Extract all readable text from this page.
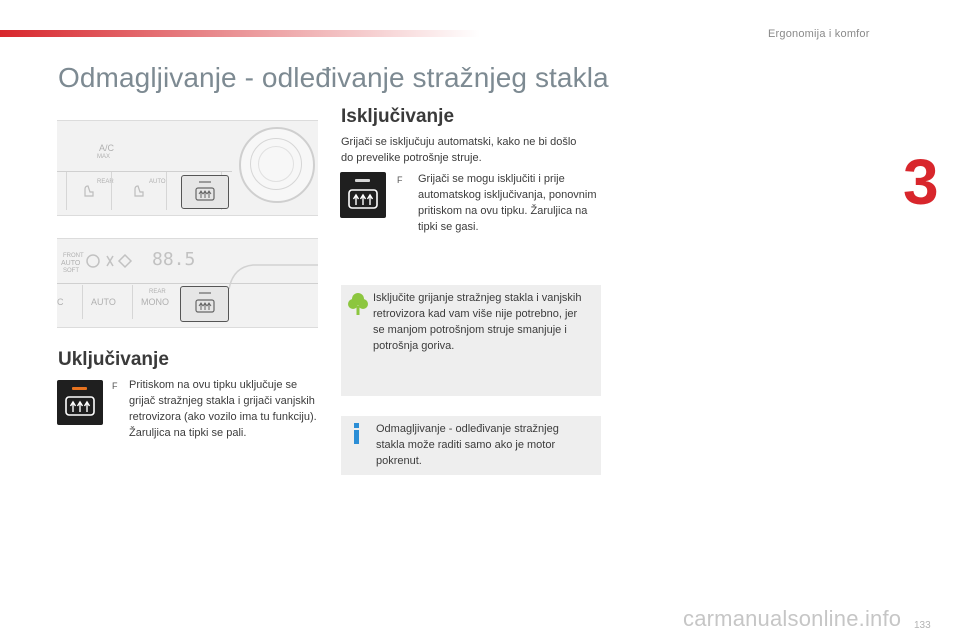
Ergonomija i komfor
3
Odmagljivanje - odleđivanje stražnjeg stakla
A/C
MAX
REAR	AUTO
FRONT
AUTO
SOFT
88.5
C	AUTO
REAR
MONO
Uključivanje
F Pritiskom na ovu tipku uključuje se grijač stražnjeg stakla i grijači vanjskih retrovizora (ako vozilo ima tu funkciju). Žaruljica na tipki se pali.
Isključivanje
Grijači se isključuju automatski, kako ne bi došlo do prevelike potrošnje struje.
F Grijači se mogu isključiti i prije automatskog isključivanja, ponovnim pritiskom na ovu tipku. Žaruljica na tipki se gasi.
Isključite grijanje stražnjeg stakla i vanjskih retrovizora kad vam više nije potrebno, jer se manjom potrošnjom struje smanjuje i potrošnja goriva.
Odmagljivanje - odleđivanje stražnjeg stakla može raditi samo ako je motor pokrenut.
carmanualsonline.info 133
